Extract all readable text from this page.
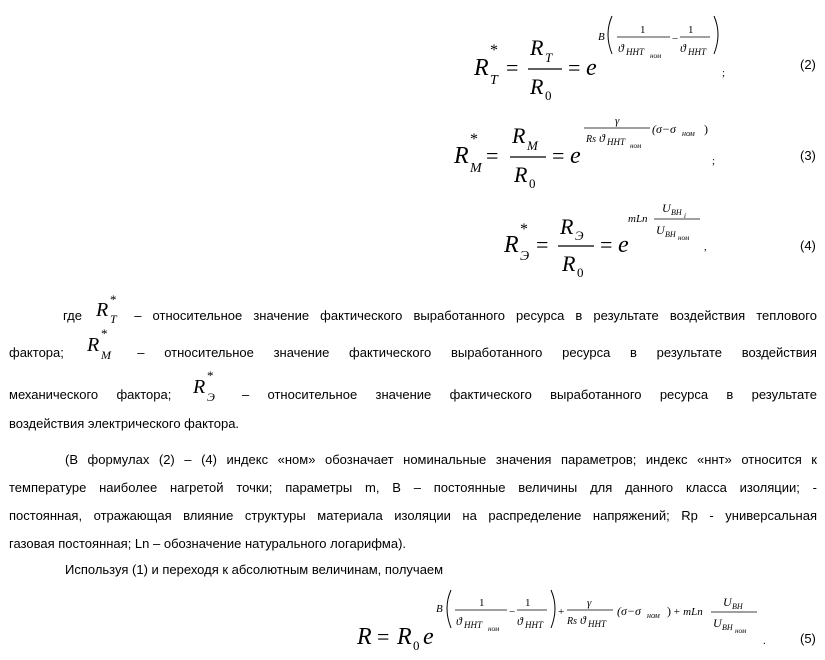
R
*
T
=
R T
R 0
= e
B
1
ϑ ННТ ном
−
1
ϑ ННТ
;
(2)
R
*
M
=
R M
R 0
= e
γ
Rs ϑ ННТ ном
(σ−σ ном )
;	(3)
R
*
Э =
R Э
R 0
= e
mLn
U ВН i
U ВН ном
,	(4)
где R *
T – относительное значение фактического выработанного ресурса в результате воздействия теплового
фактора; R
*
M – относительное значение фактического выработанного ресурса в результате воздействия
механического фактора; R
*
Э – относительное значение фактического выработанного ресурса в результате
воздействия электрического фактора.
(В формулах (2) – (4) индекс «ном» обозначает номинальные значения параметров; индекс «ннт» относится к
температуре наиболее нагретой точки; параметры m, B – постоянные величины для данного класса изоляции; -
постоянная, отражающая влияние структуры материала изоляции на распределение напряжений; Rр - универсальная
газовая постоянная; Ln – обозначение натурального логарифма).
Используя (1) и переходя к абсолютным величинам, получаем
R = R 0 e
B	1
ϑ ННТ ном
−
1
ϑ ННТ
+
γ
Rs ϑ ННТ
(σ−σ ном ) + mLn
U ВН
U ВН ном
.	(5)
